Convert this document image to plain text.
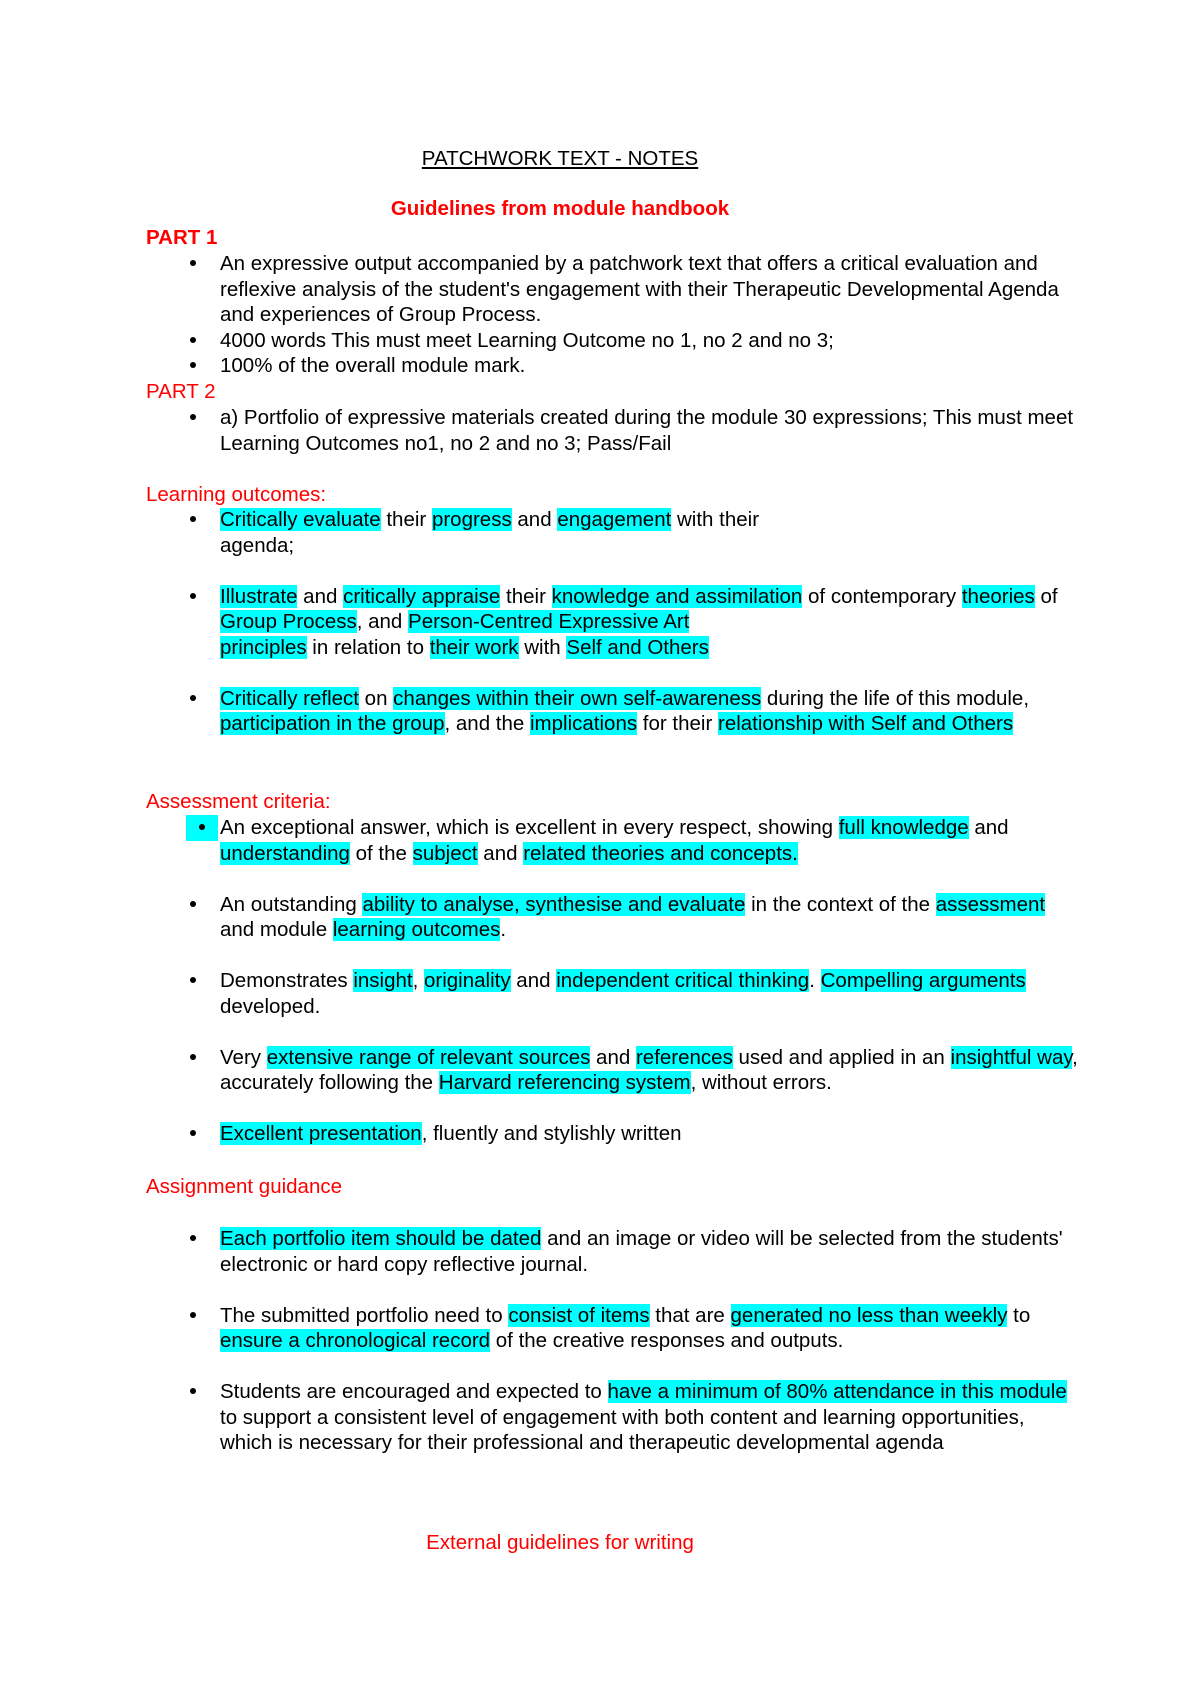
PATCHWORK TEXT - NOTES
Guidelines from module handbook
PART 1
An expressive output accompanied by a patchwork text that offers a critical evaluation and reflexive analysis of the student's engagement with their Therapeutic Developmental Agenda and experiences of Group Process.
4000 words This must meet Learning Outcome no 1, no 2 and no 3;
100% of the overall module mark.
PART 2
a) Portfolio of expressive materials created during the module 30 expressions; This must meet Learning Outcomes no1, no 2 and no 3; Pass/Fail
Learning outcomes:
Critically evaluate their progress and engagement with their
agenda;
Illustrate and critically appraise their knowledge and assimilation of contemporary theories of Group Process, and Person-Centred Expressive Art
principles in relation to their work with Self and Others
Critically reflect on changes within their own self-awareness during the life of this module, participation in the group, and the implications for their relationship with Self and Others
Assessment criteria:
An exceptional answer, which is excellent in every respect, showing full knowledge and understanding of the subject and related theories and concepts.
An outstanding ability to analyse, synthesise and evaluate in the context of the assessment and module learning outcomes.
Demonstrates insight, originality and independent critical thinking. Compelling arguments developed.
Very extensive range of relevant sources and references used and applied in an insightful way, accurately following the Harvard referencing system, without errors.
Excellent presentation, fluently and stylishly written
Assignment guidance
Each portfolio item should be dated and an image or video will be selected from the students' electronic or hard copy reflective journal.
The submitted portfolio need to consist of items that are generated no less than weekly to ensure a chronological record of the creative responses and outputs.
Students are encouraged and expected to have a minimum of 80% attendance in this module to support a consistent level of engagement with both content and learning opportunities, which is necessary for their professional and therapeutic developmental agenda
External guidelines for writing
